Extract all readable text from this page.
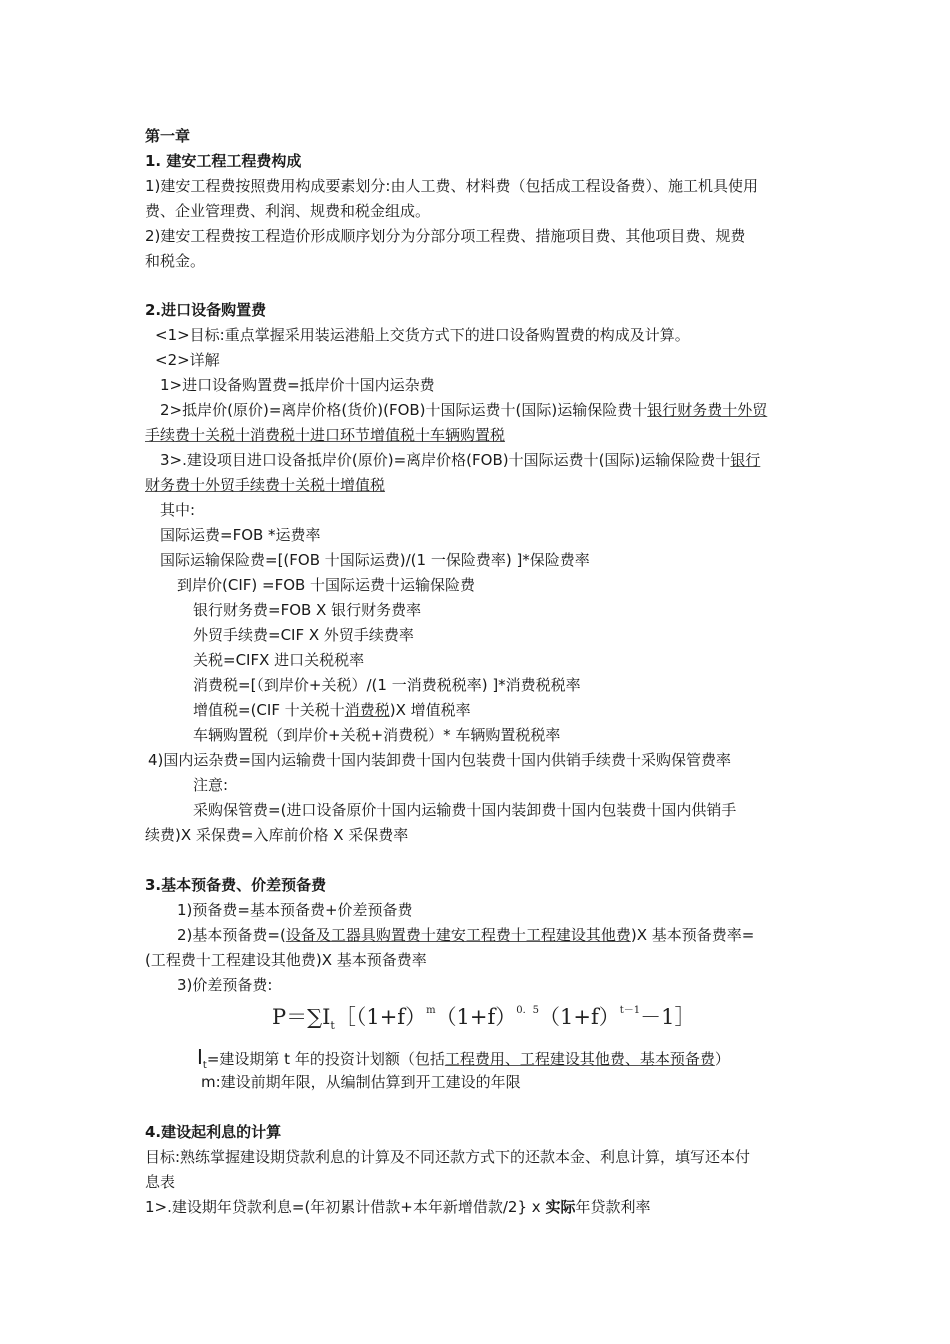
第一章
1. 建安工程工程费构成
1)建安工程费按照费用构成要素划分:由人工费、材料费（包括成工程设备费）、施工机具使用
费、企业管理费、利润、规费和税金组成。
2)建安工程费按工程造价形成顺序划分为分部分项工程费、措施项目费、其他项目费、规费
和税金。
2.进口设备购置费
<1>目标:重点掌握采用装运港船上交货方式下的进口设备购置费的构成及计算。
<2>详解
1>进口设备购置费=抵岸价十国内运杂费
2>抵岸价(原价)=离岸价格(货价)(FOB)十国际运费十(国际)运输保险费十银行财务费十外贸
手续费十关税十消费税十进口环节增值税十车辆购置税
3>.建设项目进口设备抵岸价(原价)=离岸价格(FOB)十国际运费十(国际)运输保险费十银行
财务费十外贸手续费十关税十增值税
其中:
国际运费=FOB *运费率
国际运输保险费=[(FOB 十国际运费)/(1 一保险费率) ]*保险费率
到岸价(CIF) =FOB 十国际运费十运输保险费
银行财务费=FOB X 银行财务费率
外贸手续费=CIF X 外贸手续费率
关税=CIFX 进口关税税率
消费税=[（到岸价+关税）/(1 一消费税税率) ]*消费税税率
增值税=(CIF 十关税十消费税)X 增值税率
车辆购置税（到岸价+关税+消费税）* 车辆购置税税率
4)国内运杂费=国内运输费十国内装卸费十国内包装费十国内供销手续费十采购保管费率
注意:
采购保管费=(进口设备原价十国内运输费十国内装卸费十国内包装费十国内供销手
续费)X 采保费=入库前价格 X 采保费率
3.基本预备费、价差预备费
1)预备费=基本预备费+价差预备费
2)基本预备费=(设备及工器具购置费十建安工程费十工程建设其他费)X 基本预备费率=
(工程费十工程建设其他费)X 基本预备费率
3)价差预备费:
$P=\sum I_t[(1+f)^m(1+f)^{0.5}(1+f)^{t-1}-1]$
$I_t=$建设期第 t 年的投资计划额（包括工程费用、工程建设其他费、基本预备费）
m:建设前期年限，从编制估算到开工建设的年限
4.建设起利息的计算
目标:熟练掌握建设期贷款利息的计算及不同还款方式下的还款本金、利息计算，填写还本付
息表
1>.建设期年贷款利息=(年初累计借款+本年新增借款/2} x 实际年贷款利率
